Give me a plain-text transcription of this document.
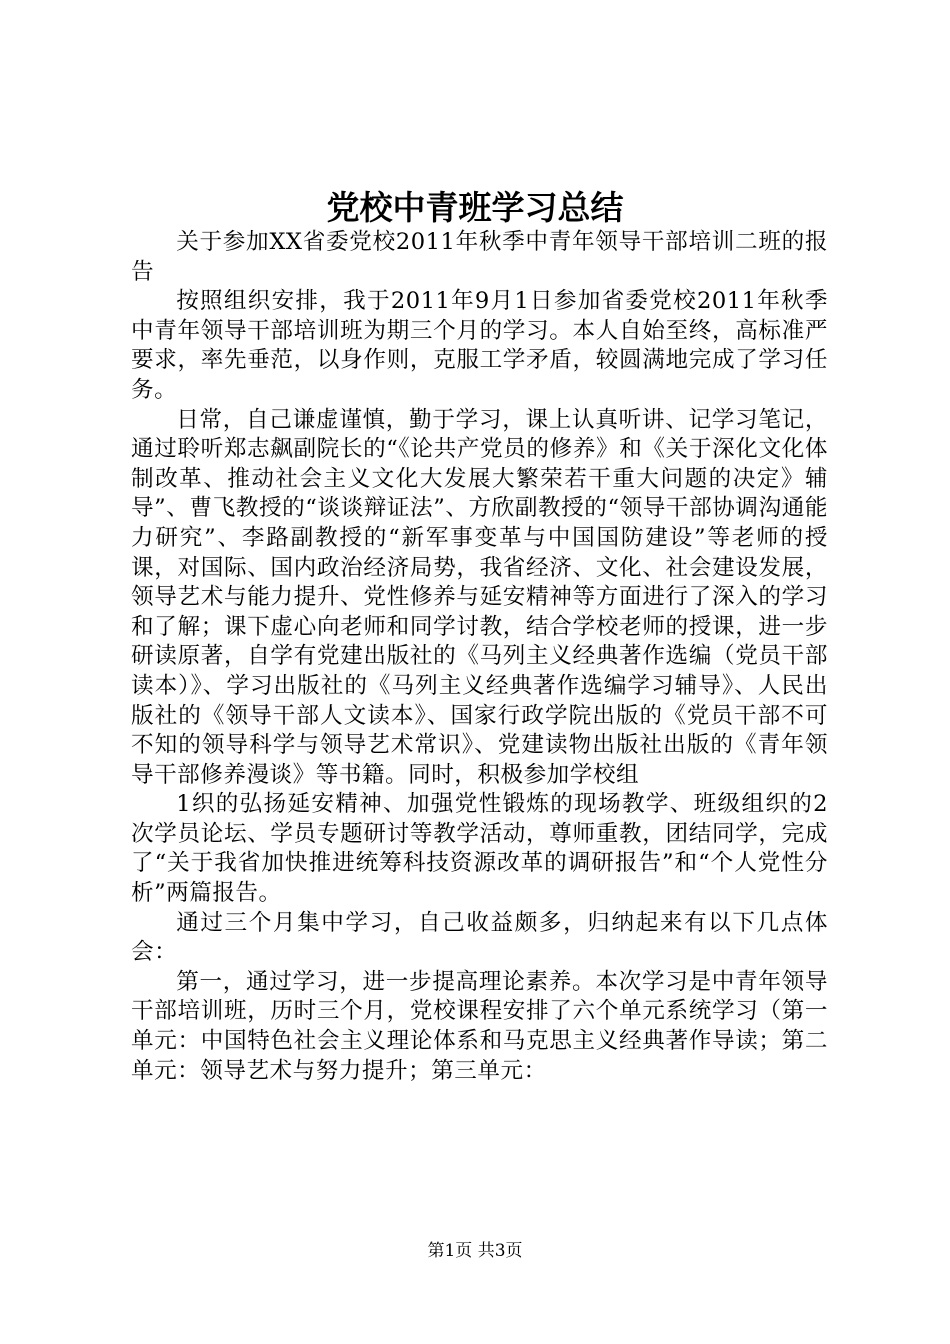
党校中青班学习总结

关于参加XX省委党校2011年秋季中青年领导干部培训二班的报告

按照组织安排，我于2011年9月1日参加省委党校2011年秋季中青年领导干部培训班为期三个月的学习。本人自始至终，高标准严要求，率先垂范，以身作则，克服工学矛盾，较圆满地完成了学习任务。

日常，自己谦虚谨慎，勤于学习，课上认真听讲、记学习笔记，通过聆听郑志飙副院长的“《论共产党员的修养》和《关于深化文化体制改革、推动社会主义文化大发展大繁荣若干重大问题的决定》辅导”、曹飞教授的“谈谈辩证法”、方欣副教授的“领导干部协调沟通能力研究”、李路副教授的“新军事变革与中国国防建设”等老师的授课，对国际、国内政治经济局势，我省经济、文化、社会建设发展，领导艺术与能力提升、党性修养与延安精神等方面进行了深入的学习和了解；课下虚心向老师和同学讨教，结合学校老师的授课，进一步研读原著，自学有党建出版社的《马列主义经典著作选编（党员干部读本）》、学习出版社的《马列主义经典著作选编学习辅导》、人民出版社的《领导干部人文读本》、国家行政学院出版的《党员干部不可不知的领导科学与领导艺术常识》、党建读物出版社出版的《青年领导干部修养漫谈》等书籍。同时，积极参加学校组

1织的弘扬延安精神、加强党性锻炼的现场教学、班级组织的2次学员论坛、学员专题研讨等教学活动，尊师重教，团结同学，完成了“关于我省加快推进统筹科技资源改革的调研报告”和“个人党性分析”两篇报告。

通过三个月集中学习，自己收益颇多，归纳起来有以下几点体会：

第一，通过学习，进一步提高理论素养。本次学习是中青年领导干部培训班，历时三个月，党校课程安排了六个单元系统学习（第一单元：中国特色社会主义理论体系和马克思主义经典著作导读；第二单元：领导艺术与努力提升；第三单元：

第1页 共3页
